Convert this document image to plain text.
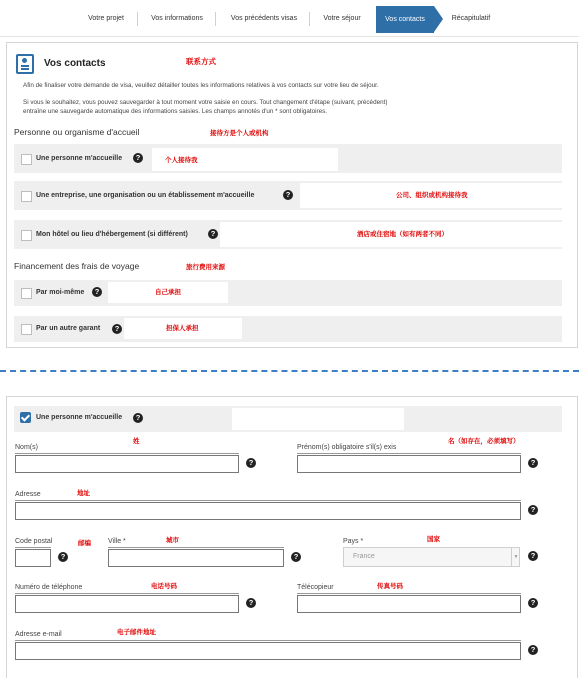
Votre projet	Vos informations	Vos précédents visas	Votre séjour	Vos contacts	Récapitulatif
Vos contacts	联系方式
Afin de finaliser votre demande de visa, veuillez détailler toutes les informations relatives à vos contacts sur votre lieu de séjour.
Si vous le souhaitez, vous pouvez sauvegarder à tout moment votre saisie en cours. Tout changement d'étape (suivant, précédent)
entraîne une sauvegarde automatique des informations saisies. Les champs annotés d'un * sont obligatoires.
Personne ou organisme d'accueil	接待方是个人或机构
Une personne m'accueille	?	个人接待我
Une entreprise, une organisation ou un établissement m'accueille	?	公司、组织或机构接待我
Mon hôtel ou lieu d'hébergement (si différent)	?	酒店或住宿地（如有两者不同）
Financement des frais de voyage	旅行费用来源
Par moi-même	?	自己承担
Par un autre garant	?	担保人承担
Une personne m'accueille	?
姓	名（如存在，必须填写）
Nom(s)	Prénom(s) obligatoire s'il(s) exis
?	?
地址
Adresse
?
邮编	城市	国家
Code postal	Ville *	Pays *
?	?	France	▼	?
电话号码	传真号码
Numéro de téléphone	Télécopieur
?	?
电子邮件地址
Adresse e-mail
?
